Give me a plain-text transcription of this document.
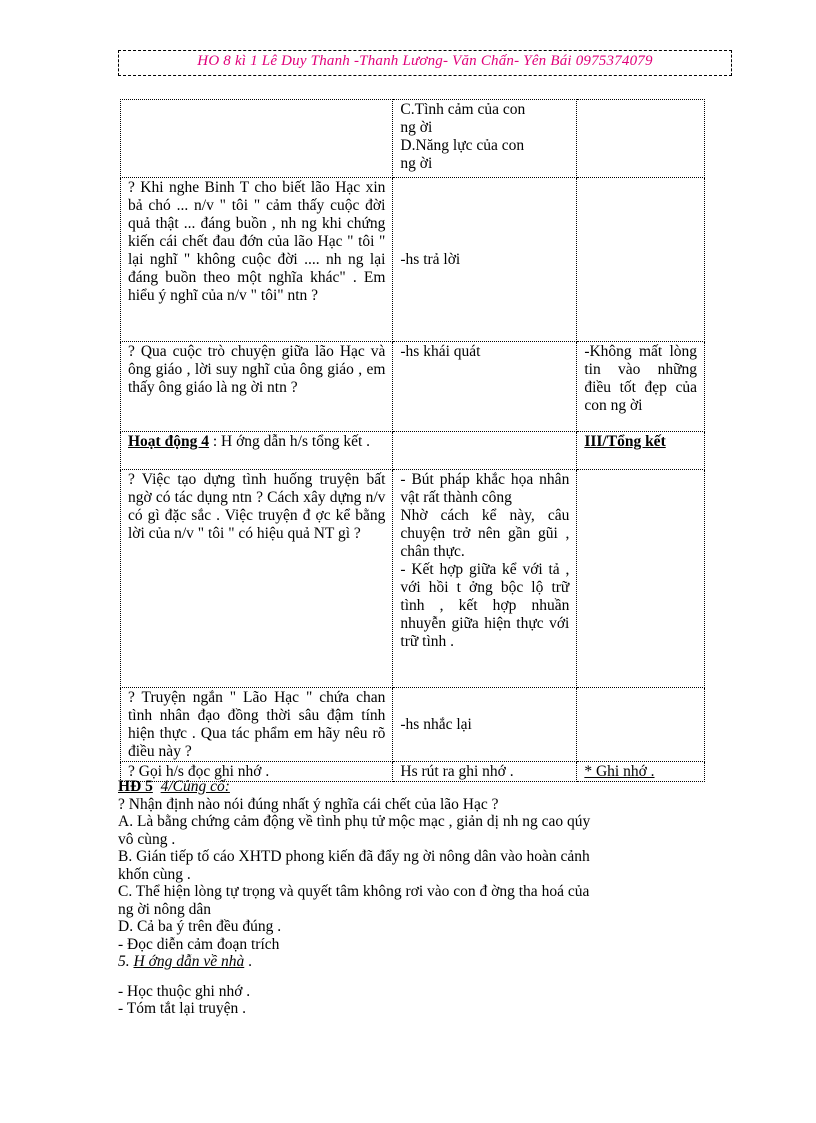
HO 8 kì 1 Lê Duy Thanh -Thanh Lương- Văn Chấn- Yên Bái 0975374079

	C.Tình cảm của con
ng ời
D.Năng lực của con
ng ời	

? Khi nghe Binh T cho biết lão Hạc xin bả chó ... n/v " tôi " cảm thấy cuộc đời quả thật ... đáng buồn , nh ng khi chứng kiến cái chết đau đớn của lão Hạc " tôi " lại nghĩ " không cuộc đời .... nh ng lại đáng buồn theo một nghĩa khác" . Em hiểu ý nghĩ của n/v " tôi" ntn ?	-hs trả lời	

? Qua cuộc trò chuyện giữa lão Hạc và ông giáo , lời suy nghĩ của ông giáo , em thấy ông giáo là ng ời ntn ?	-hs khái quát	-Không mất lòng tin vào những điều tốt đẹp của con ng ời
Hoạt động 4 : H ớng dẫn h/s tổng kết .		III/Tổng kết
? Việc tạo dựng tình huống truyện bất ngờ có tác dụng ntn ? Cách xây dựng n/v có gì đặc sắc . Việc truyện đ ợc kể bằng lời của n/v " tôi " có hiệu quả NT gì ?	- Bút pháp khắc họa nhân vật rất thành công
Nhờ cách kể này, câu chuyện trở nên gần gũi , chân thực.
- Kết hợp giữa kể với tả , với hồi t ởng bộc lộ trữ tình , kết hợp nhuần nhuyễn giữa hiện thực với trữ tình .	

? Truyện ngắn " Lão Hạc " chứa chan tình nhân đạo đồng thời sâu đậm tính hiện thực . Qua tác phẩm em hãy nêu rõ điều này ?	-hs nhắc lại	

? Gọi h/s đọc ghi nhớ .	Hs rút ra ghi nhớ .	* Ghi nhớ .
HĐ 5 4/Củng cố:
? Nhận định nào nói đúng nhất ý nghĩa cái chết của lão Hạc ?
A. Là bằng chứng cảm động về tình phụ tử mộc mạc , giản dị nh ng cao qúy
vô cùng .
B. Gián tiếp tố cáo XHTD phong kiến đã đẩy ng ời nông dân vào hoàn cảnh
khốn cùng .
C. Thể hiện lòng tự trọng và quyết tâm không rơi vào con đ ờng tha hoá của
ng ời nông dân
D. Cả ba ý trên đều đúng .
- Đọc diễn cảm đoạn trích
5. H ớng dẫn về nhà .
- Học thuộc ghi nhớ .
- Tóm tắt lại truyện .
